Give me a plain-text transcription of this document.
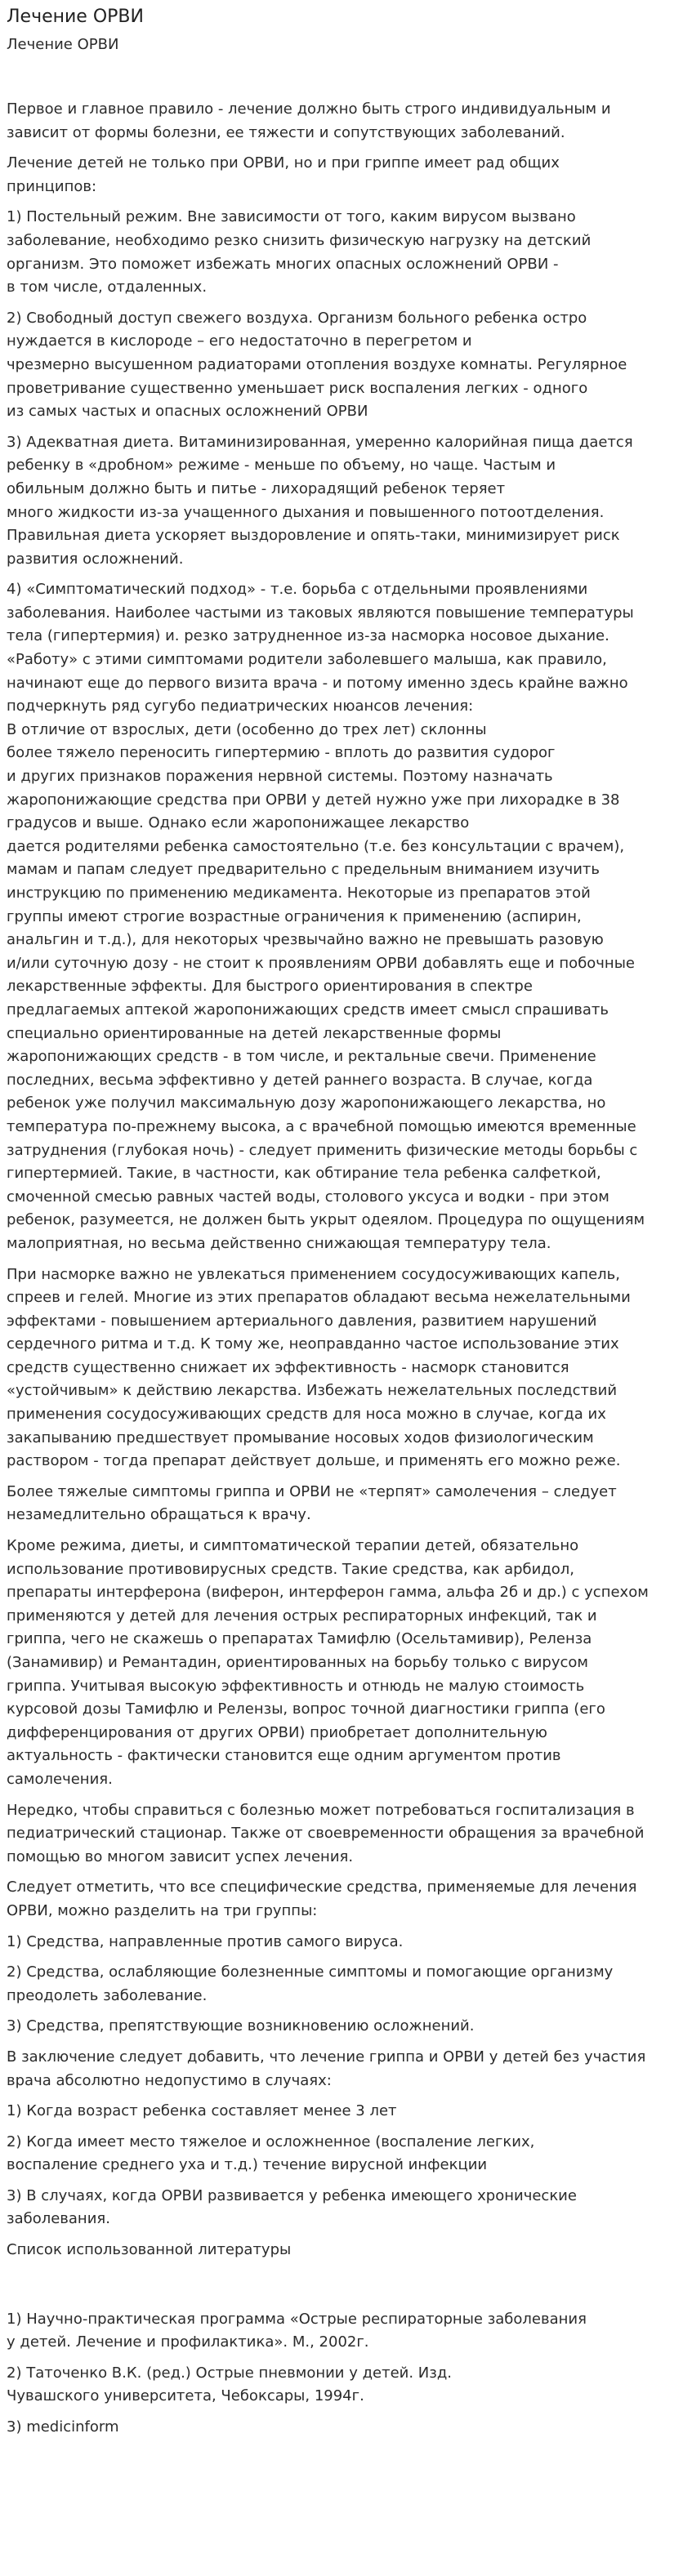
Лечение ОРВИ
Лечение ОРВИ

Первое и главное правило - лечение должно быть строго индивидуальным и
зависит от формы болезни, ее тяжести и сопутствующих заболеваний.

Лечение детей не только при ОРВИ, но и при гриппе имеет рад общих
принципов:

1) Постельный режим. Вне зависимости от того, каким вирусом вызвано
заболевание, необходимо резко снизить физическую нагрузку на детский
организм. Это поможет избежать многих опасных осложнений ОРВИ -
в том числе, отдаленных.

2) Свободный доступ свежего воздуха. Организм больного ребенка остро
нуждается в кислороде – его недостаточно в перегретом и
чрезмерно высушенном радиаторами отопления воздухе комнаты. Регулярное
проветривание существенно уменьшает риск воспаления легких - одного
из самых частых и опасных осложнений ОРВИ

3) Адекватная диета. Витаминизированная, умеренно калорийная пища дается
ребенку в «дробном» режиме - меньше по объему, но чаще. Частым и
обильным должно быть и питье - лихорадящий ребенок теряет
много жидкости из-за учащенного дыхания и повышенного потоотделения.
Правильная диета ускоряет выздоровление и опять-таки, минимизирует риск
развития осложнений.

4) «Симптоматический подход» - т.е. борьба с отдельными проявлениями
заболевания. Наиболее частыми из таковых являются повышение температуры
тела (гипертермия) и. резко затрудненное из-за насморка носовое дыхание.
«Работу» с этими симптомами родители заболевшего малыша, как правило,
начинают еще до первого визита врача - и потому именно здесь крайне важно
подчеркнуть ряд сугубо педиатрических нюансов лечения:
В отличие от взрослых, дети (особенно до трех лет) склонны
более тяжело переносить гипертермию - вплоть до развития судорог
и других признаков поражения нервной системы. Поэтому назначать
жаропонижающие средства при ОРВИ у детей нужно уже при лихорадке в 38
градусов и выше. Однако если жаропонижащее лекарство
дается родителями ребенка самостоятельно (т.е. без консультации с врачем),
мамам и папам следует предварительно с предельным вниманием изучить
инструкцию по применению медикамента. Некоторые из препаратов этой
группы имеют строгие возрастные ограничения к применению (аспирин,
анальгин и т.д.), для некоторых чрезвычайно важно не превышать разовую
и/или суточную дозу - не стоит к проявлениям ОРВИ добавлять еще и побочные
лекарственные эффекты. Для быстрого ориентирования в спектре
предлагаемых аптекой жаропонижающих средств имеет смысл спрашивать
специально ориентированные на детей лекарственные формы
жаропонижающих средств - в том числе, и ректальные свечи. Применение
последних, весьма эффективно у детей раннего возраста. В случае, когда
ребенок уже получил максимальную дозу жаропонижающего лекарства, но
температура по-прежнему высока, а с врачебной помощью имеются временные
затруднения (глубокая ночь) - следует применить физические методы борьбы с
гипертермией. Такие, в частности, как обтирание тела ребенка салфеткой,
смоченной смесью равных частей воды, столового уксуса и водки - при этом
ребенок, разумеется, не должен быть укрыт одеялом. Процедура по ощущениям
малоприятная, но весьма действенно снижающая температуру тела.

При насморке важно не увлекаться применением сосудосуживающих капель,
спреев и гелей. Многие из этих препаратов обладают весьма нежелательными
эффектами - повышением артериального давления, развитием нарушений
сердечного ритма и т.д. К тому же, неоправданно частое использование этих
средств существенно снижает их эффективность - насморк становится
«устойчивым» к действию лекарства. Избежать нежелательных последствий
применения сосудосуживающих средств для носа можно в случае, когда их
закапыванию предшествует промывание носовых ходов физиологическим
раствором - тогда препарат действует дольше, и применять его можно реже.

Более тяжелые симптомы гриппа и ОРВИ не «терпят» самолечения – следует
незамедлительно обращаться к врачу.

Кроме режима, диеты, и симптоматической терапии детей, обязательно
использование противовирусных средств. Такие средства, как арбидол,
препараты интерферона (виферон, интерферон гамма, альфа 2б и др.) с успехом
применяются у детей для лечения острых респираторных инфекций, так и
гриппа, чего не скажешь о препаратах Тамифлю (Осельтамивир), Реленза
(Занамивир) и Ремантадин, ориентированных на борьбу только с вирусом
гриппа. Учитывая высокую эффективность и отнюдь не малую стоимость
курсовой дозы Тамифлю и Релензы, вопрос точной диагностики гриппа (его
дифференцирования от других ОРВИ) приобретает дополнительную
актуальность - фактически становится еще одним аргументом против
самолечения.

Нередко, чтобы справиться с болезнью может потребоваться госпитализация в
педиатрический стационар. Также от своевременности обращения за врачебной
помощью во многом зависит успех лечения.

Следует отметить, что все специфические средства, применяемые для лечения
ОРВИ, можно разделить на три группы:

1) Средства, направленные против самого вируса.

2) Средства, ослабляющие болезненные симптомы и помогающие организму
преодолеть заболевание.

3) Средства, препятствующие возникновению осложнений.

В заключение следует добавить, что лечение гриппа и ОРВИ у детей без участия
врача абсолютно недопустимо в случаях:

1) Когда возраст ребенка составляет менее 3 лет

2) Когда имеет место тяжелое и осложненное (воспаление легких,
воспаление среднего уха и т.д.) течение вирусной инфекции

3) В случаях, когда ОРВИ развивается у ребенка имеющего хронические
заболевания.

Список использованной литературы

1) Научно-практическая программа «Острые респираторные заболевания
у детей. Лечение и профилактика». М., 2002г.

2) Таточенко В.К. (ред.) Острые пневмонии у детей. Изд.
Чувашского университета, Чебоксары, 1994г.

3) medicinform
